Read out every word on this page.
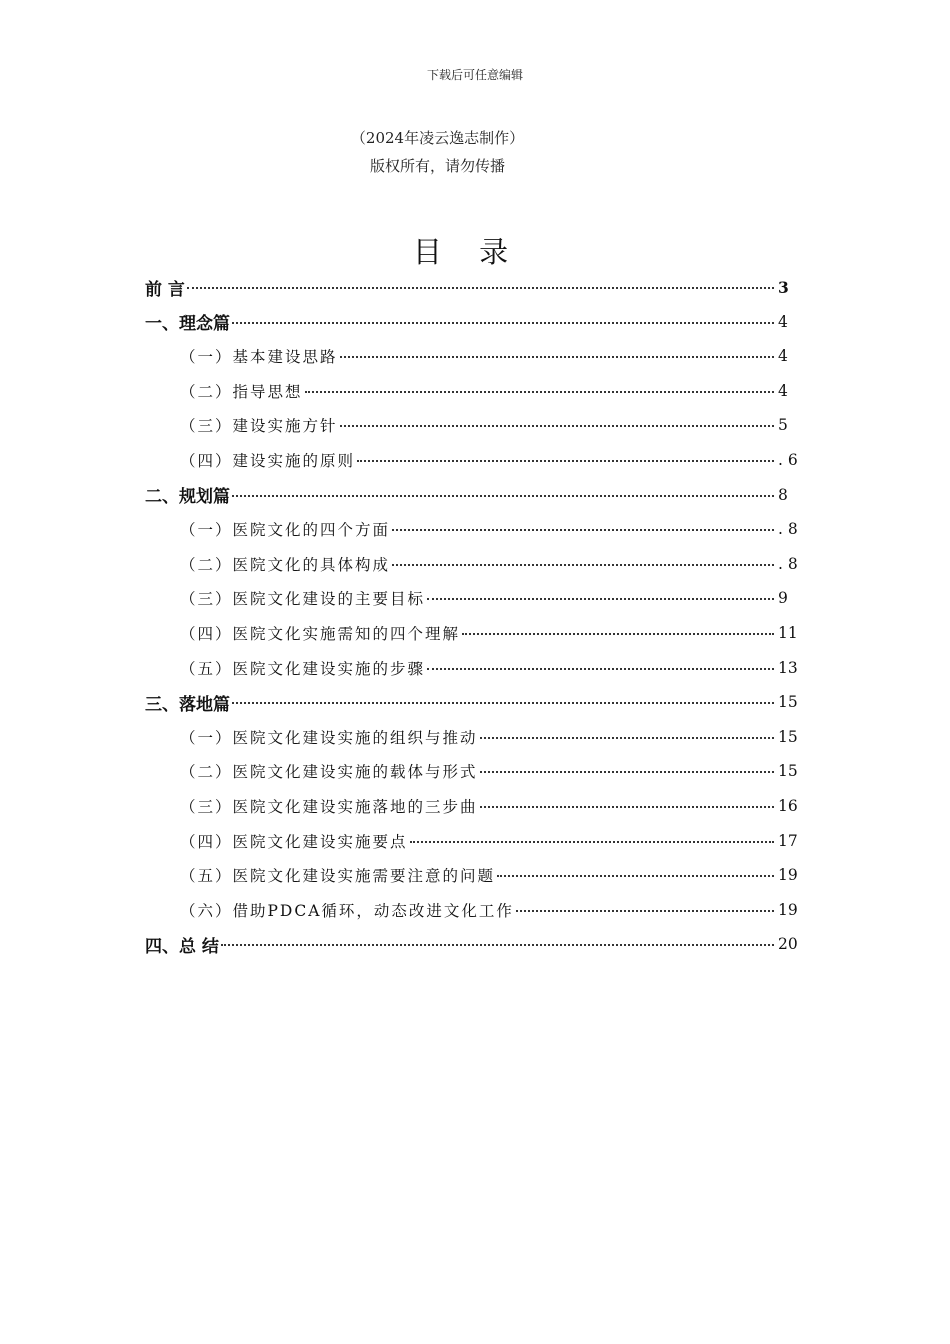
下载后可任意编辑
（2024年凌云逸志制作）
版权所有，请勿传播
目 录
前 言	3
一、理念篇	4
（一）基本建设思路	4
（二）指导思想	4
（三）建设实施方针	5
（四）建设实施的原则	. 6
二、规划篇	8
（一）医院文化的四个方面	. 8
（二）医院文化的具体构成	. 8
（三）医院文化建设的主要目标	9
（四）医院文化实施需知的四个理解	11
（五）医院文化建设实施的步骤	13
三、落地篇	15
（一）医院文化建设实施的组织与推动	15
（二）医院文化建设实施的载体与形式	15
（三）医院文化建设实施落地的三步曲	16
（四）医院文化建设实施要点	17
（五）医院文化建设实施需要注意的问题	19
（六）借助PDCA循环，动态改进文化工作	19
四、总 结	20
